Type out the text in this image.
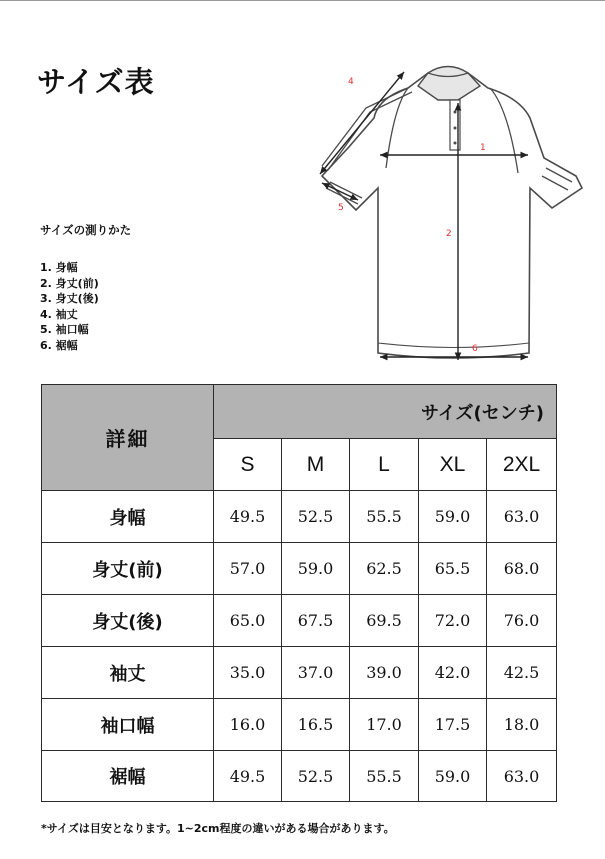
サイズ表
サイズの測りかた
1. 身幅
2. 身丈(前)
3. 身丈(後)
4. 袖丈
5. 袖口幅
6. 裾幅
1
2
6
4
5
詳細	サイズ(センチ)				
	S	M	L	XL	2XL
身幅	49.5	52.5	55.5	59.0	63.0
身丈(前)	57.0	59.0	62.5	65.5	68.0
身丈(後)	65.0	67.5	69.5	72.0	76.0
袖丈	35.0	37.0	39.0	42.0	42.5
袖口幅	16.0	16.5	17.0	17.5	18.0
裾幅	49.5	52.5	55.5	59.0	63.0
*サイズは目安となります。1~2cm程度の違いがある場合があります。
